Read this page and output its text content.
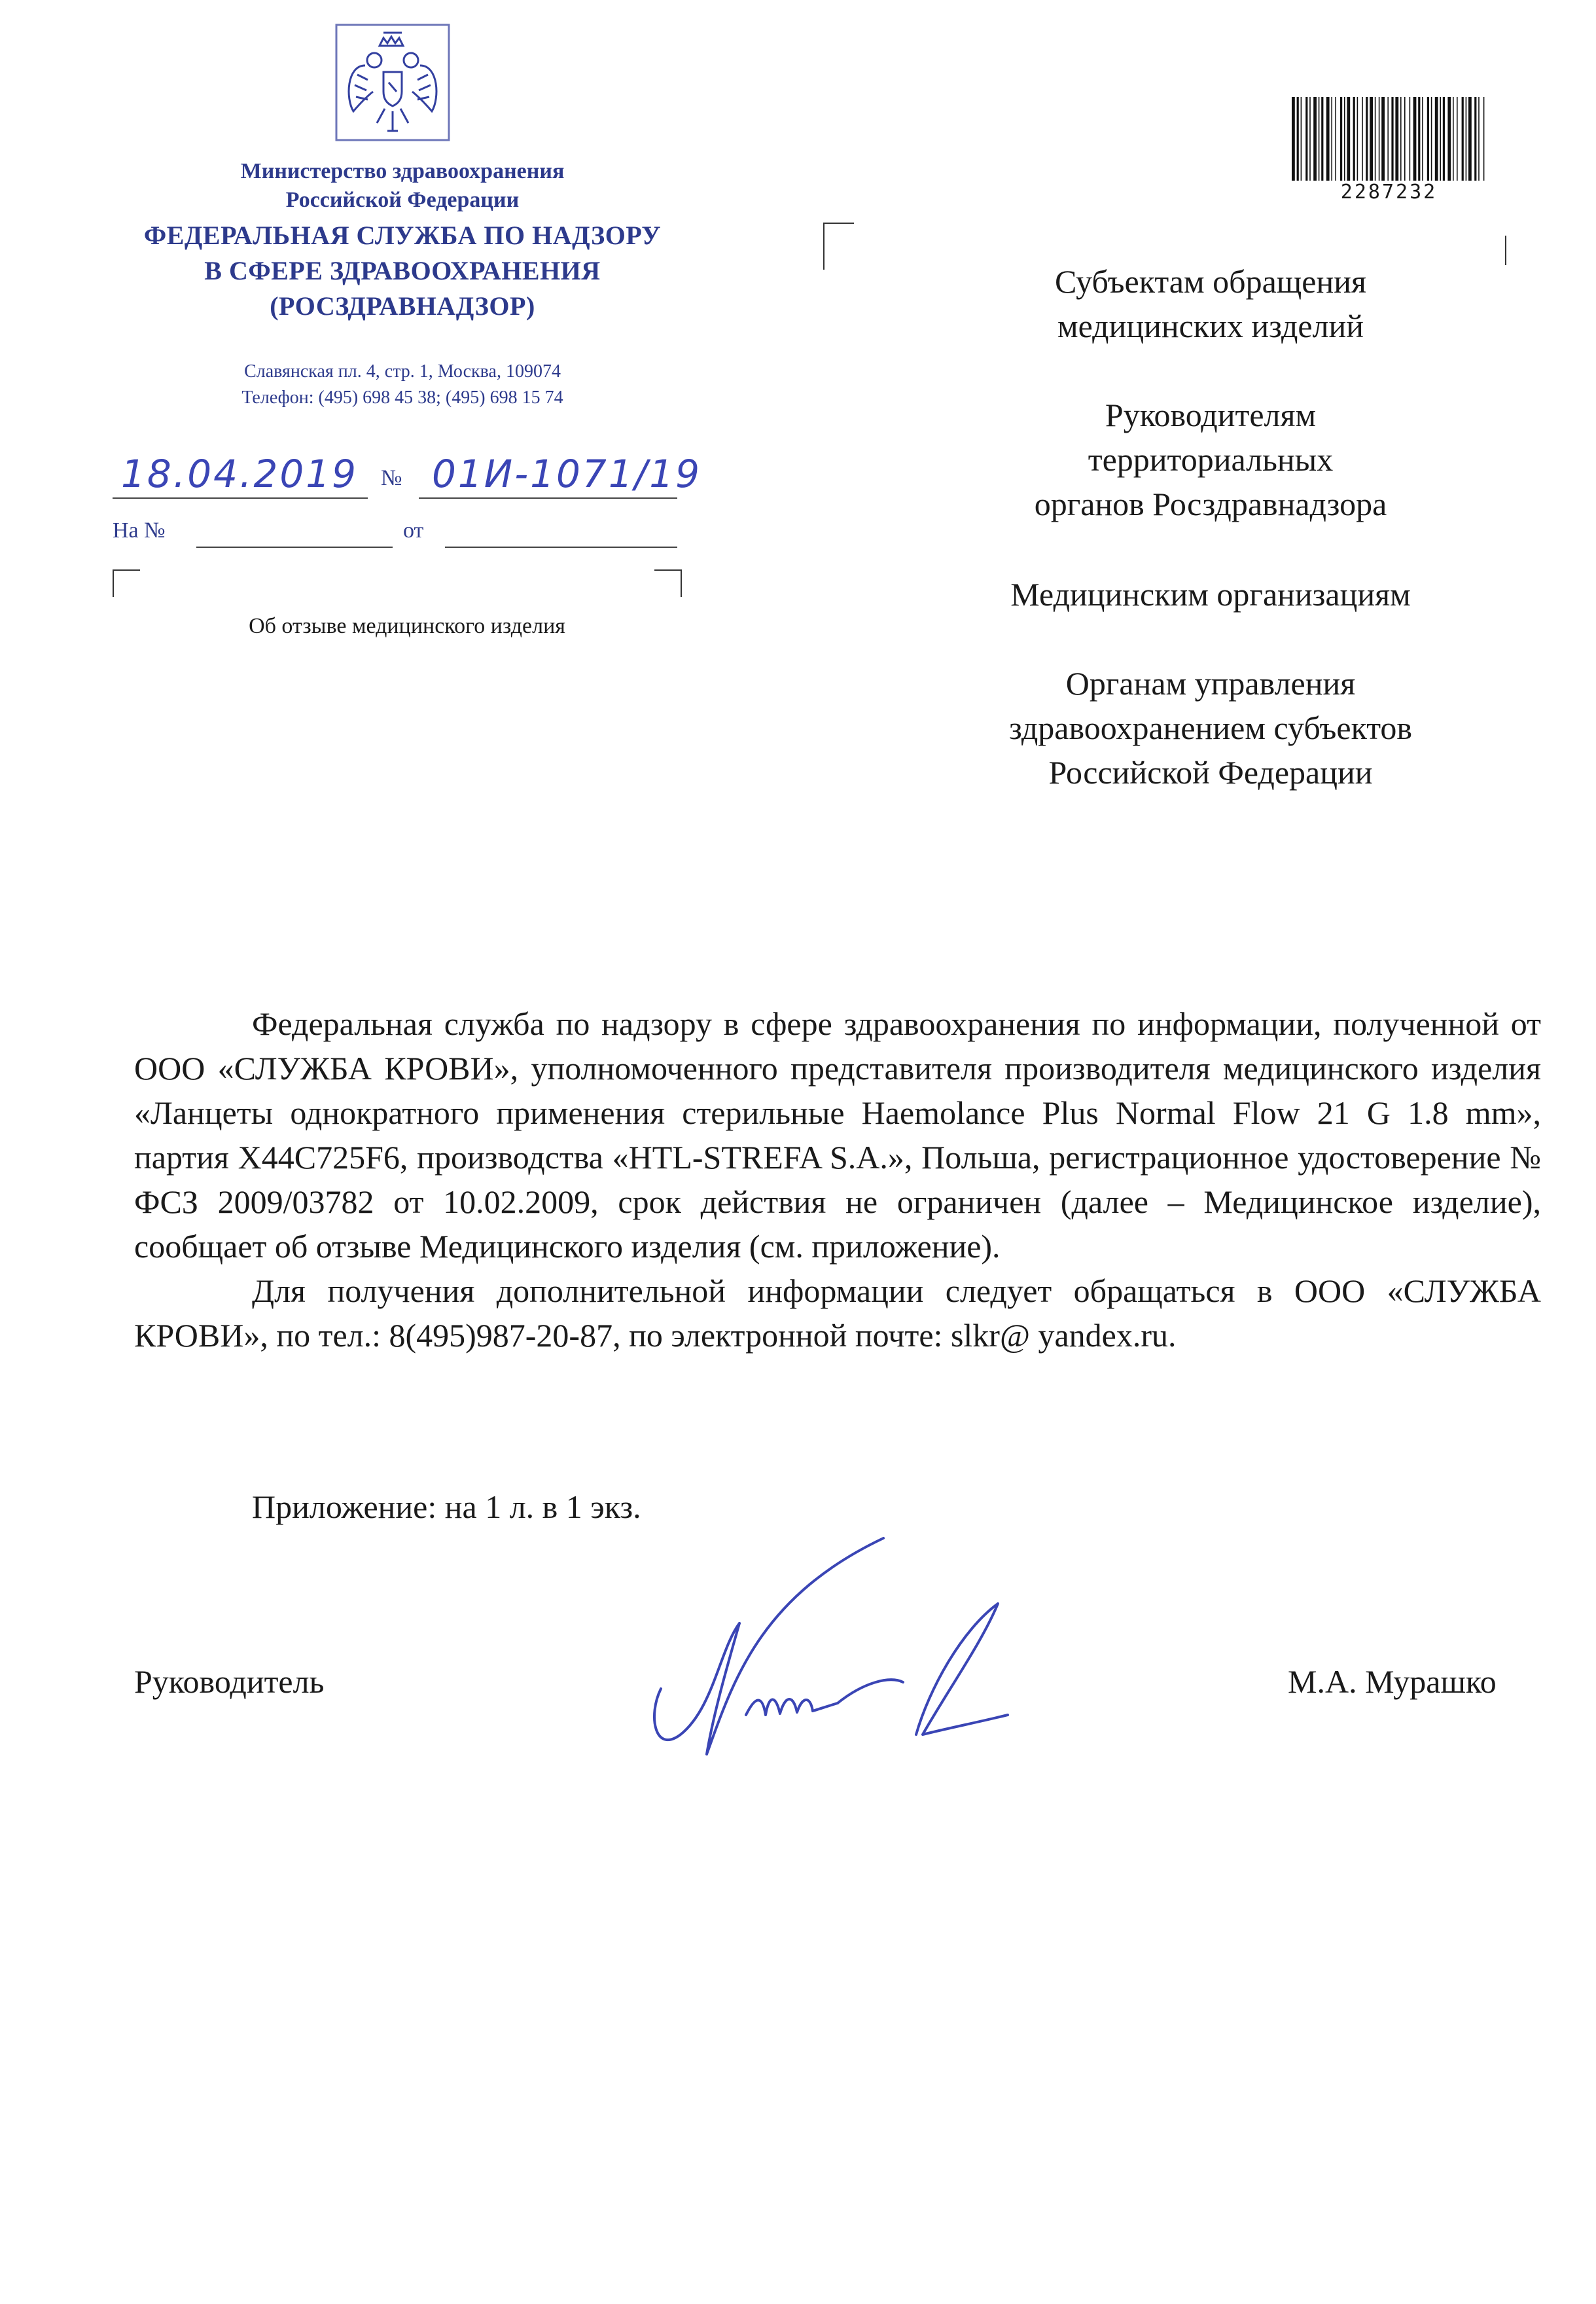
Министерство здравоохранения
Российской Федерации
ФЕДЕРАЛЬНАЯ СЛУЖБА ПО НАДЗОРУ
В СФЕРЕ ЗДРАВООХРАНЕНИЯ
(РОСЗДРАВНАДЗОР)
Славянская пл. 4, стр. 1, Москва, 109074
Телефон: (495) 698 45 38; (495) 698 15 74
18.04.2019 № 01И-1071/19
На №	от
Об отзыве медицинского изделия
2287232
Субъектам обращения
медицинских изделий
Руководителям
территориальных
органов Росздравнадзора
Медицинским организациям
Органам управления
здравоохранением субъектов
Российской Федерации

Федеральная служба по надзору в сфере здравоохранения по информации, полученной от ООО «СЛУЖБА КРОВИ», уполномоченного представителя производителя медицинского изделия «Ланцеты однократного применения стерильные Haemolance Plus Normal Flow 21 G 1.8 mm», партия X44C725F6, производства «HTL-STREFA S.A.», Польша, регистрационное удостоверение № ФСЗ 2009/03782 от 10.02.2009, срок действия не ограничен (далее – Медицинское изделие), сообщает об отзыве Медицинского изделия (см. приложение).

Для получения дополнительной информации следует обращаться в ООО «СЛУЖБА КРОВИ», по тел.: 8(495)987-20-87, по электронной почте: slkr@ yandex.ru.

Приложение: на 1 л. в 1 экз.
Руководитель	М.А. Мурашко
